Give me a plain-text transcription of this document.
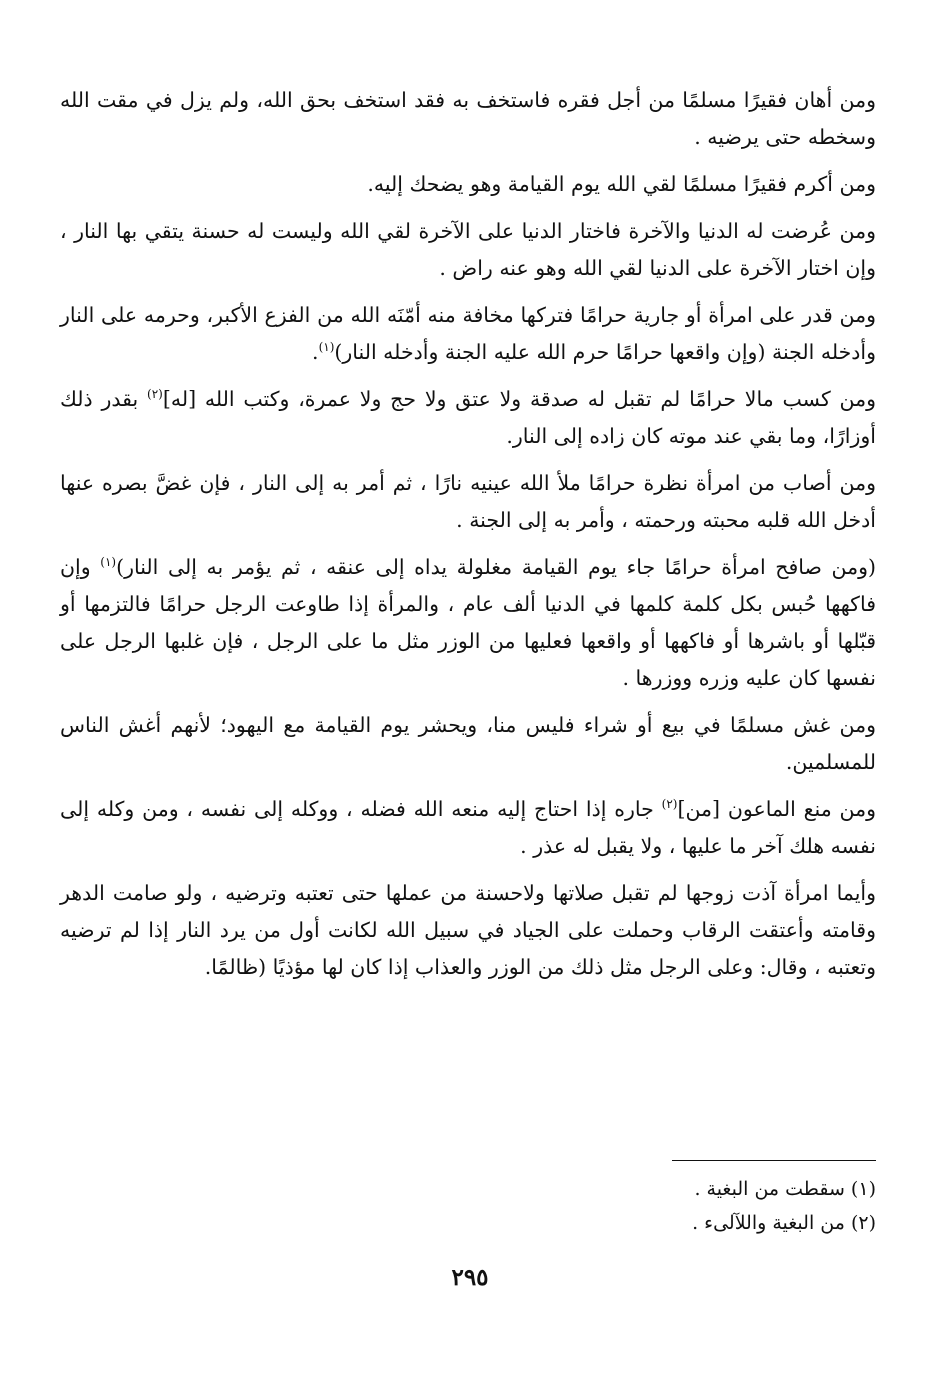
ومن أهان فقيرًا مسلمًا من أجل فقره فاستخف به فقد استخف بحق الله، ولم يزل في مقت الله وسخطه حتى يرضيه .

ومن أكرم فقيرًا مسلمًا لقي الله يوم القيامة وهو يضحك إليه.

ومن عُرضت له الدنيا والآخرة فاختار الدنيا على الآخرة لقي الله وليست له حسنة يتقي بها النار ، وإن اختار الآخرة على الدنيا لقي الله وهو عنه راض .

ومن قدر على امرأة أو جارية حرامًا فتركها مخافة منه أمّنَه الله من الفزع الأكبر، وحرمه على النار وأدخله الجنة (وإن واقعها حرامًا حرم الله عليه الجنة وأدخله النار)$^{(١)}$.

ومن كسب مالا حرامًا لم تقبل له صدقة ولا عتق ولا حج ولا عمرة، وكتب الله [له]$^{(٢)}$ بقدر ذلك أوزارًا، وما بقي عند موته كان زاده إلى النار.

ومن أصاب من امرأة نظرة حرامًا ملأ الله عينيه نارًا ، ثم أمر به إلى النار ، فإن غضَّ بصره عنها أدخل الله قلبه محبته ورحمته ، وأمر به إلى الجنة .

(ومن صافح امرأة حرامًا جاء يوم القيامة مغلولة يداه إلى عنقه ، ثم يؤمر به إلى النار)$^{(١)}$ وإن فاكهها حُبس بكل كلمة كلمها في الدنيا ألف عام ، والمرأة إذا طاوعت الرجل حرامًا فالتزمها أو قبّلها أو باشرها أو فاكهها أو واقعها فعليها من الوزر مثل ما على الرجل ، فإن غلبها الرجل على نفسها كان عليه وزره ووزرها .

ومن غش مسلمًا في بيع أو شراء فليس منا، ويحشر يوم القيامة مع اليهود؛ لأنهم أغش الناس للمسلمين.

ومن منع الماعون [من]$^{(٢)}$ جاره إذا احتاج إليه منعه الله فضله ، ووكله إلى نفسه ، ومن وكله إلى نفسه هلك آخر ما عليها ، ولا يقبل له عذر .

وأيما امرأة آذت زوجها لم تقبل صلاتها ولاحسنة من عملها حتى تعتبه وترضيه ، ولو صامت الدهر وقامته وأعتقت الرقاب وحملت على الجياد في سبيل الله لكانت أول من يرد النار إذا لم ترضيه وتعتبه ، وقال: وعلى الرجل مثل ذلك من الوزر والعذاب إذا كان لها مؤذيًا (ظالمًا.

(١) سقطت من البغية .

(٢) من البغية واللآلىء .

٢٩٥
